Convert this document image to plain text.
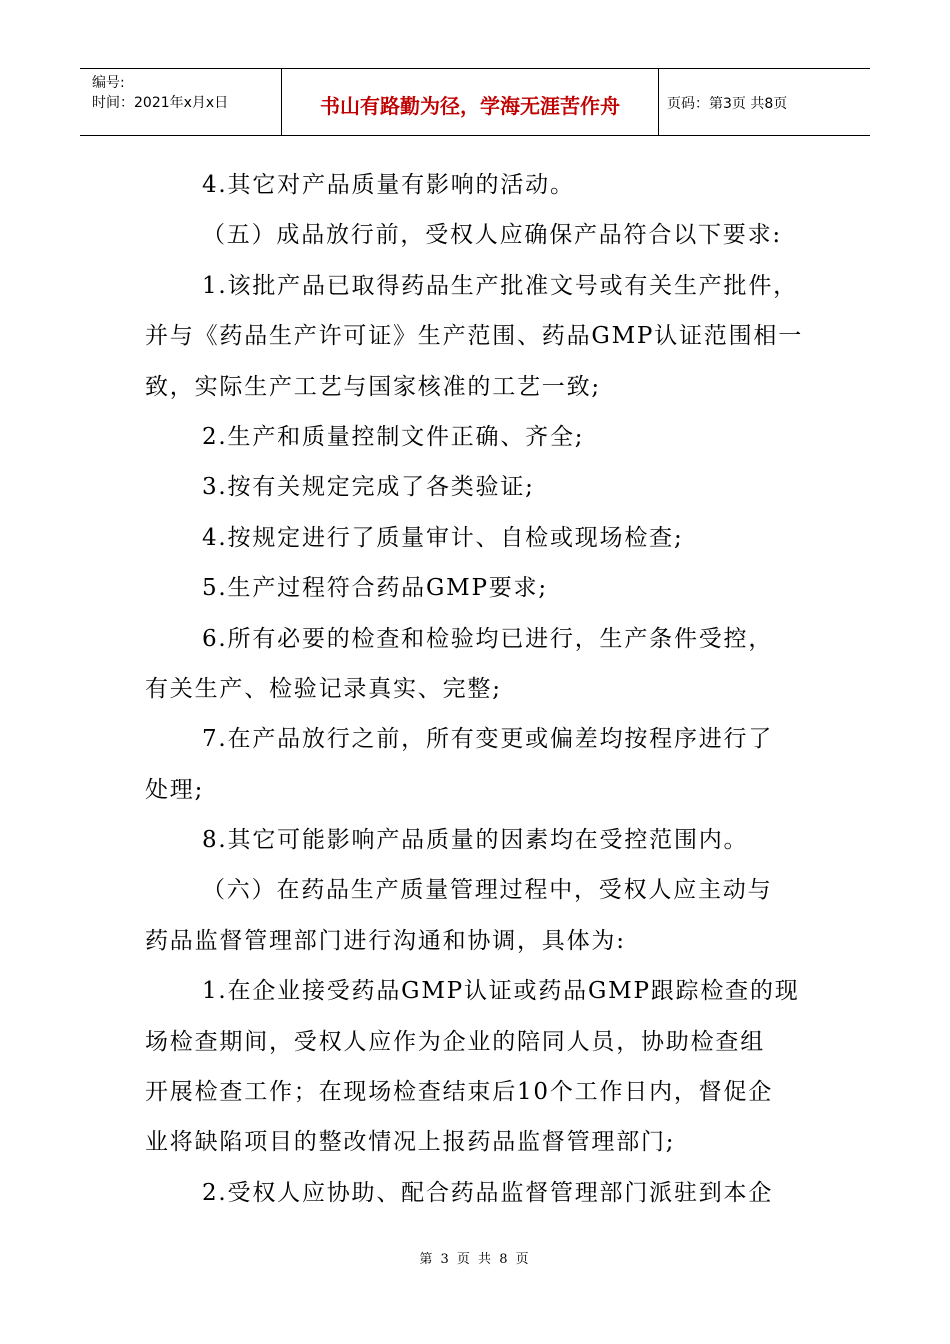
编号:
时间：2021年x月x日	书山有路勤为径，学海无涯苦作舟	页码：第3页 共8页
4.其它对产品质量有影响的活动。
（五）成品放行前，受权人应确保产品符合以下要求:
1.该批产品已取得药品生产批准文号或有关生产批件，
并与《药品生产许可证》生产范围、药品GMP认证范围相一
致，实际生产工艺与国家核准的工艺一致;
2.生产和质量控制文件正确、齐全;
3.按有关规定完成了各类验证;
4.按规定进行了质量审计、自检或现场检查;
5.生产过程符合药品GMP要求;
6.所有必要的检查和检验均已进行，生产条件受控，
有关生产、检验记录真实、完整;
7.在产品放行之前，所有变更或偏差均按程序进行了
处理;
8.其它可能影响产品质量的因素均在受控范围内。
（六）在药品生产质量管理过程中，受权人应主动与
药品监督管理部门进行沟通和协调，具体为:
1.在企业接受药品GMP认证或药品GMP跟踪检查的现
场检查期间，受权人应作为企业的陪同人员，协助检查组
开展检查工作；在现场检查结束后10个工作日内，督促企
业将缺陷项目的整改情况上报药品监督管理部门;
2.受权人应协助、配合药品监督管理部门派驻到本企
第 3 页 共 8 页
